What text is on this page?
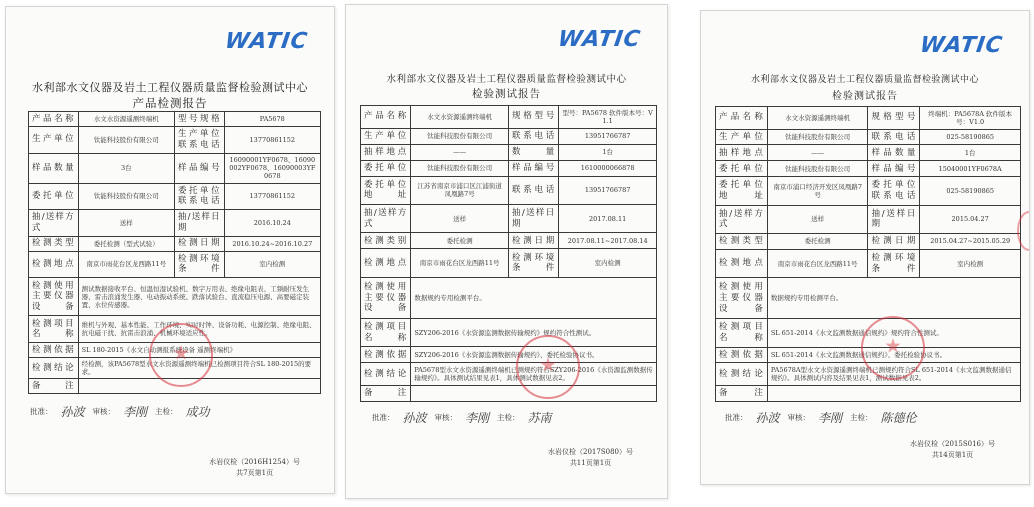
WATIC
水利部水文仪器及岩土工程仪器质量监督检验测试中心
产品检测报告
产品名称	水文水资源遥测终端机	型号规格	PA5678
生产单位	钛能科技股份有限公司	生产单位联系电话	13770861152
样品数量	3台	样品编号	16090001YF0678、16090002YF0678、16090003YF0678
委托单位	钛能科技股份有限公司	委托单位联系电话	13770861152
抽/送样方式	送样	抽/送样日期	2016.10.24
检测类型	委托检测（型式试验）	检测日期	2016.10.24~2016.10.27
检测地点	南京市雨花台区龙西路11号	检测环境条件	室内检测
检测使用主要仪器设备	测试数据接收平台、恒温恒湿试验机、数字万用表、绝缘电阻表、工频耐压发生器、雷击浪涌发生器、电动振动系统、跌落试验台、直流稳压电源、高要磁定装置、水位传感器。		
检测项目名称	维机与外观、基本性能、工作环境、实时时钟、设备功耗、电源控制、绝缘电阻、抗电磁干扰、抗雷击浪涌、机械环境适应性。		
检测依据	SL 180-2015《水文自动测报系统设备 遥测终端机》		
检测结论	经检测，该PA5678型水文水资源遥测终端机已检测项目符合SL 180-2015的要求。		
备注			
批准： 孙波 审核： 李刚 主检： 成功
水岩仪检（2016H1254）号
共7页第1页
WATIC
水利部水文仪器及岩土工程仪器质量监督检验测试中心
检验测试报告
产品名称	水文水资源遥测终端机	规格型号	型号：PA5678 软件版本号：V1.1
生产单位	钛能科技股份有限公司	联系电话	13951766787
抽样地点	——	数量	1台
委托单位	钛能科技股份有限公司	样品编号	1610000066878
委托单位地址	江苏省南京市浦口区江浦街道凤凰路7号	联系电话	13951766787
抽/送样方式	送样	抽/送样日期	2017.08.11
检测类别	委托检测	检测日期	2017.08.11~2017.08.14
检测地点	南京市雨花台区龙西路11号	检测环境条件	室内检测
检测使用主要仪器设备	数据规约专用检测平台。		
检测项目名称	SZY206-2016《水资源监测数据传输规约》规约符合性测试。		
检测依据	SZY206-2016《水资源监测数据传输规约》、委托检验协议书。		
检测结论	PA5678型水文水资源遥测终端机已测规约符合SZY206-2016《水资源监测数据传输规约》。具体测试结果见表1，具体测试数据见表2。		
备注			
批准： 孙波 审核： 李刚 主检： 苏南
水岩仪检（2017S080）号
共11页第1页
WATIC
水利部水文仪器及岩土工程仪器质量监督检验测试中心
检验测试报告
产品名称	水文水资源遥测终端机	规格型号	终端机：PA5678A 软件版本号：V1.0
生产单位	钛能科技股份有限公司	联系电话	025-58190865
抽样地点	——	样品数量	1台
委托单位	钛能科技股份有限公司	样品编号	15040001YF0678A
委托单位地址	南京市浦口经济开发区凤凰路7号	委托单位联系电话	025-58190865
抽/送样方式	送样	抽/送样日期	2015.04.27
检测类型	委托检测	检测日期	2015.04.27~2015.05.29
检测地点	南京市雨花台区龙西路11号	检测环境条件	室内检测
检测使用主要仪器设备	数据规约专用检测平台。		
检测项目名称	SL 651-2014《水文监测数据通信规约》规约符合性测试。		
检测依据	SL 651-2014《水文监测数据通信规约》、委托检验协议书。		
检测结论	PA5678A型水文水资源遥测终端机已测规约符合SL 651-2014《水文监测数据通信规约》。具体测试内容及结果见表1，测试数据见表2。		
备注			
批准： 孙波 审核： 李刚 主检： 陈德伦
水岩仪检（2015S016）号
共14页第1页
